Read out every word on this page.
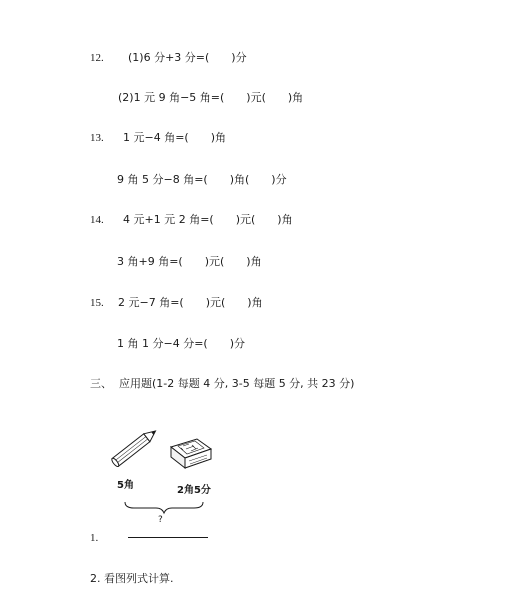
12. (1)6 分+3 分=(　　)分
(2)1 元 9 角−5 角=(　　)元(　　)角
13. 1 元−4 角=(　　)角
9 角 5 分−8 角=(　　)角(　　)分
14. 4 元+1 元 2 角=(　　)元(　　)角
3 角+9 角=(　　)元(　　)角
15. 2 元−7 角=(　　)元(　　)角
1 角 1 分−4 分=(　　)分
三、  应用题(1-2 每题 4 分, 3-5 每题 5 分, 共 23 分)
5角	2角5分
?
1.
2. 看图列式计算.
